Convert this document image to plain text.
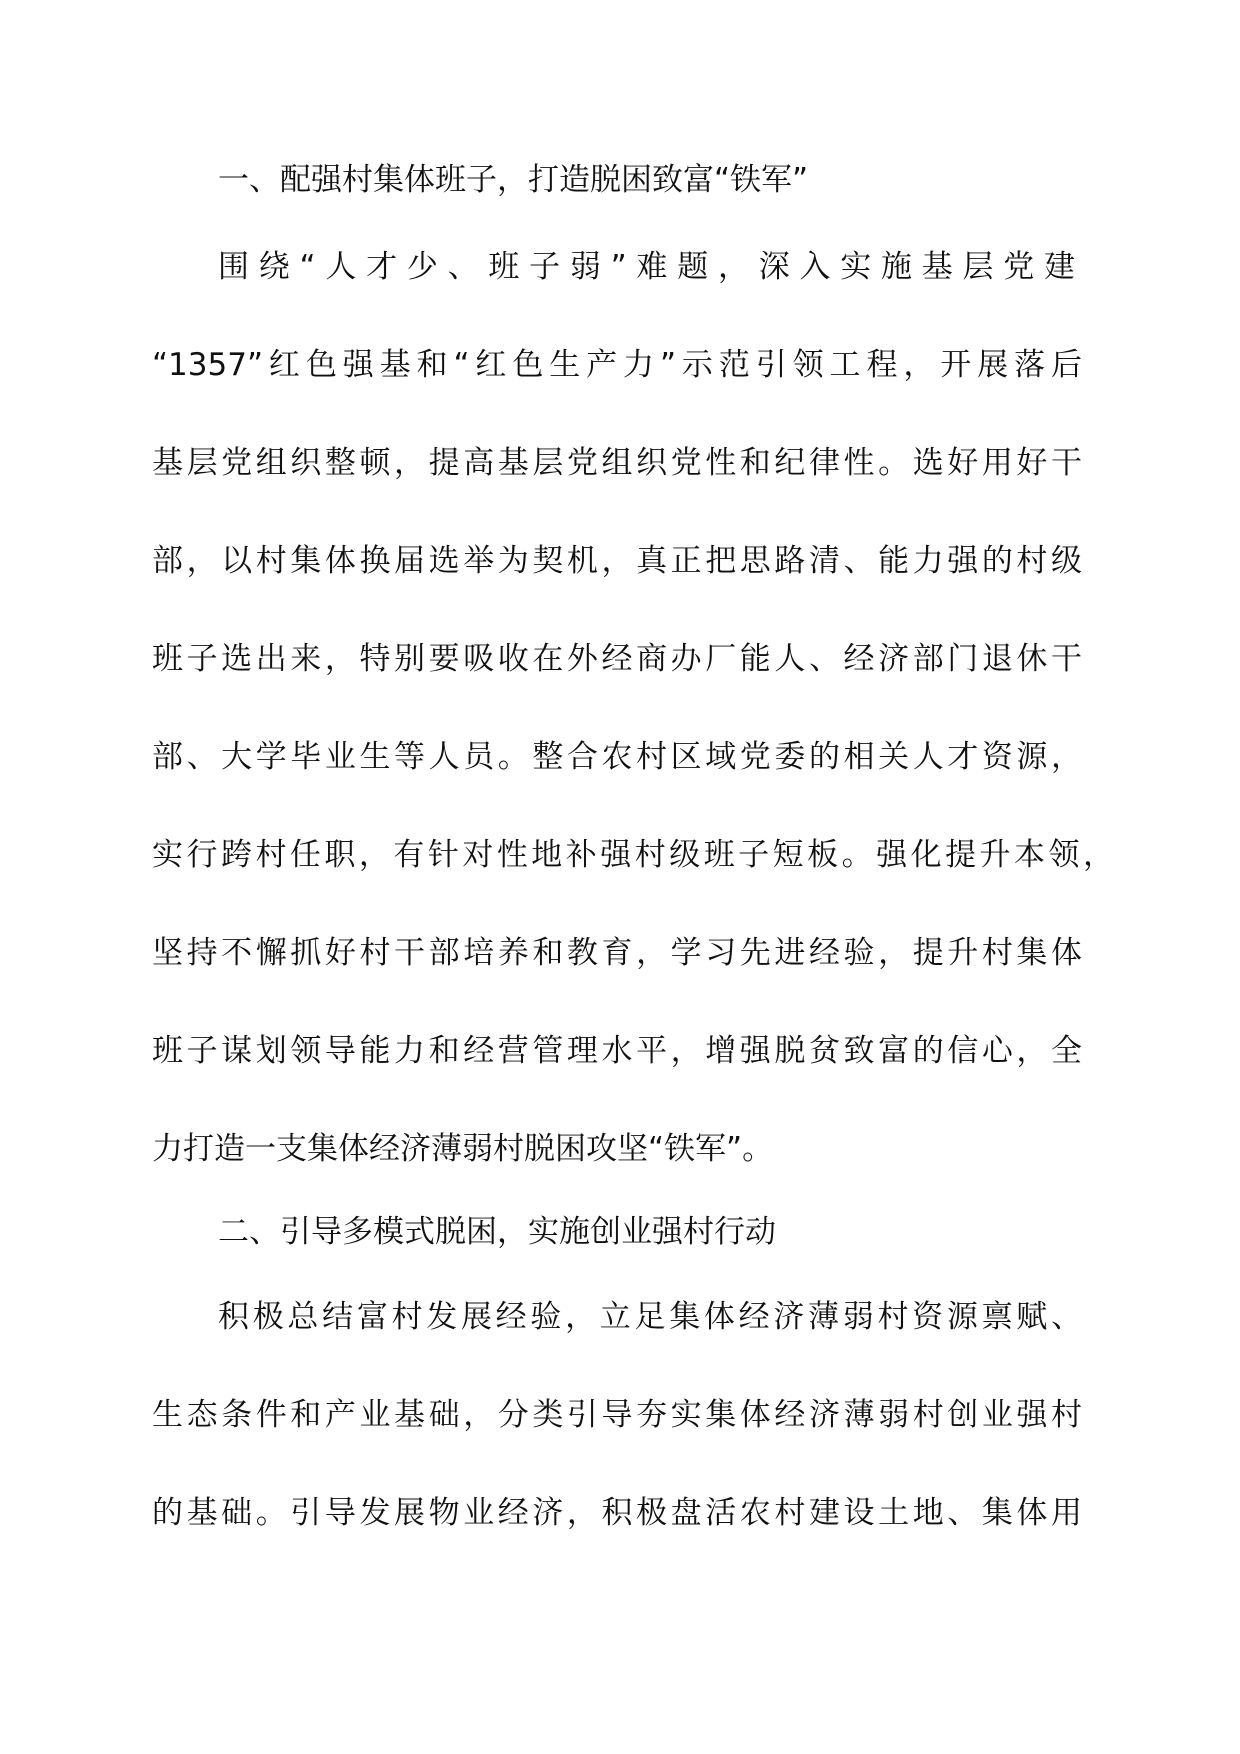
一、配强村集体班子，打造脱困致富“铁军”
围绕“人才少、班子弱”难题，深入实施基层党建
“1357”红色强基和“红色生产力”示范引领工程，开展落后
基层党组织整顿，提高基层党组织党性和纪律性。选好用好干
部，以村集体换届选举为契机，真正把思路清、能力强的村级
班子选出来，特别要吸收在外经商办厂能人、经济部门退休干
部、大学毕业生等人员。整合农村区域党委的相关人才资源，
实行跨村任职，有针对性地补强村级班子短板。强化提升本领，
坚持不懈抓好村干部培养和教育，学习先进经验，提升村集体
班子谋划领导能力和经营管理水平，增强脱贫致富的信心，全
力打造一支集体经济薄弱村脱困攻坚“铁军”。
二、引导多模式脱困，实施创业强村行动
积极总结富村发展经验，立足集体经济薄弱村资源禀赋、
生态条件和产业基础，分类引导夯实集体经济薄弱村创业强村
的基础。引导发展物业经济，积极盘活农村建设土地、集体用
